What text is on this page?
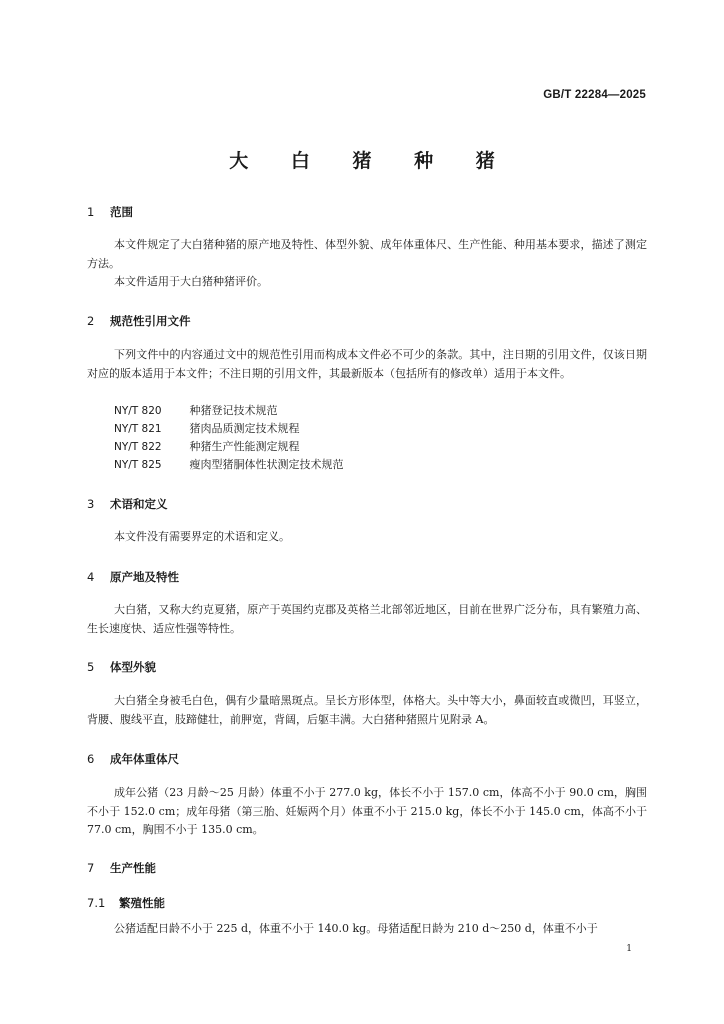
GB/T 22284—2025
大 白 猪 种 猪
1 范围
本文件规定了大白猪种猪的原产地及特性、体型外貌、成年体重体尺、生产性能、种用基本要求，描述了测定方法。
本文件适用于大白猪种猪评价。
2 规范性引用文件
下列文件中的内容通过文中的规范性引用而构成本文件必不可少的条款。其中，注日期的引用文件，仅该日期对应的版本适用于本文件；不注日期的引用文件，其最新版本（包括所有的修改单）适用于本文件。
NY/T 820	种猪登记技术规范
NY/T 821	猪肉品质测定技术规程
NY/T 822	种猪生产性能测定规程
NY/T 825	瘦肉型猪胴体性状测定技术规范
3 术语和定义
本文件没有需要界定的术语和定义。
4 原产地及特性
大白猪，又称大约克夏猪，原产于英国约克郡及英格兰北部邻近地区，目前在世界广泛分布，具有繁殖力高、生长速度快、适应性强等特性。
5 体型外貌
大白猪全身被毛白色，偶有少量暗黑斑点。呈长方形体型，体格大。头中等大小，鼻面较直或微凹，耳竖立，背腰、腹线平直，肢蹄健壮，前胛宽，背阔，后躯丰满。大白猪种猪照片见附录 A。
6 成年体重体尺
成年公猪（23 月龄～25 月龄）体重不小于 277.0 kg，体长不小于 157.0 cm，体高不小于 90.0 cm，胸围不小于 152.0 cm；成年母猪（第三胎、妊娠两个月）体重不小于 215.0 kg，体长不小于 145.0 cm，体高不小于 77.0 cm，胸围不小于 135.0 cm。
7 生产性能
7.1 繁殖性能
公猪适配日龄不小于 225 d，体重不小于 140.0 kg。母猪适配日龄为 210 d～250 d，体重不小于
1
